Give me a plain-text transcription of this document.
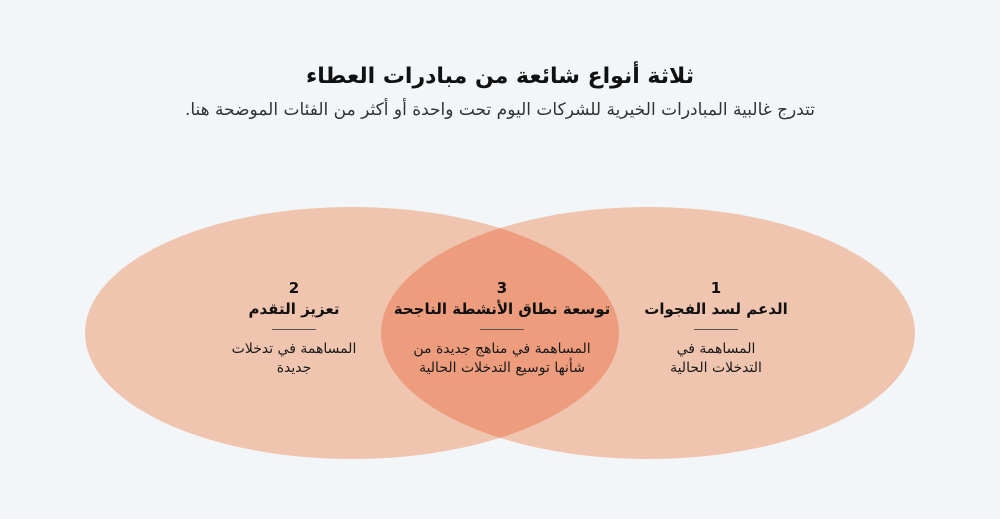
ثلاثة أنواع شائعة من مبادرات العطاء
تتدرج غالبية المبادرات الخيرية للشركات اليوم تحت واحدة أو أكثر من الفئات الموضحة هنا.
1
الدعم لسد الفجوات
المساهمة في
التدخلات الحالية
2
تعزيز التقدم
المساهمة في تدخلات
جديدة
3
توسعة نطاق الأنشطة الناجحة
المساهمة في مناهج جديدة من
شأنها توسيع التدخلات الحالية
